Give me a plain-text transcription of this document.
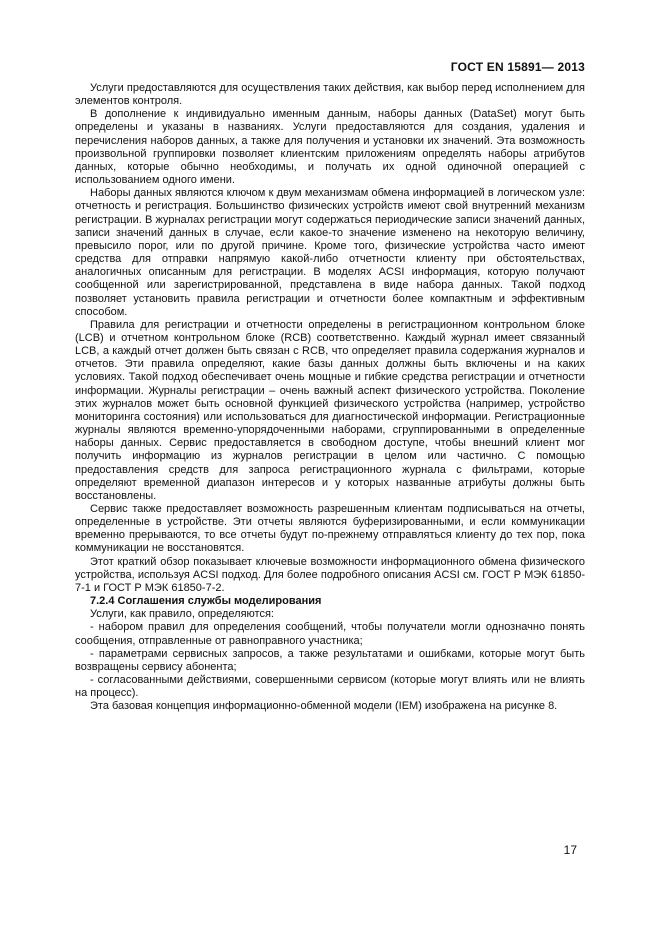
ГОСТ EN 15891— 2013

Услуги предоставляются для осуществления таких действия, как выбор перед исполнением для элементов контроля.

В дополнение к индивидуально именным данным, наборы данных (DataSet) могут быть определены и указаны в названиях. Услуги предоставляются для создания, удаления и перечисления наборов данных, а также для получения и установки их значений. Эта возможность произвольной группировки позволяет клиентским приложениям определять наборы атрибутов данных, которые обычно необходимы, и получать их одной одиночной операцией с использованием одного имени.

Наборы данных являются ключом к двум механизмам обмена информацией в логическом узле: отчетность и регистрация. Большинство физических устройств имеют свой внутренний механизм регистрации. В журналах регистрации могут содержаться периодические записи значений данных, записи значений данных в случае, если какое-то значение изменено на некоторую величину, превысило порог, или по другой причине. Кроме того, физические устройства часто имеют средства для отправки напрямую какой-либо отчетности клиенту при обстоятельствах, аналогичных описанным для регистрации. В моделях ACSI информация, которую получают сообщенной или зарегистрированной, представлена в виде набора данных. Такой подход позволяет установить правила регистрации и отчетности более компактным и эффективным способом.

Правила для регистрации и отчетности определены в регистрационном контрольном блоке (LCB) и отчетном контрольном блоке (RCB) соответственно. Каждый журнал имеет связанный LCB, а каждый отчет должен быть связан с RCB, что определяет правила содержания журналов и отчетов. Эти правила определяют, какие базы данных должны быть включены и на каких условиях. Такой подход обеспечивает очень мощные и гибкие средства регистрации и отчетности информации. Журналы регистрации – очень важный аспект физического устройства. Поколение этих журналов может быть основной функцией физического устройства (например, устройство мониторинга состояния) или использоваться для диагностической информации. Регистрационные журналы являются временно-упорядоченными наборами, сгруппированными в определенные наборы данных. Сервис предоставляется в свободном доступе, чтобы внешний клиент мог получить информацию из журналов регистрации в целом или частично. С помощью предоставления средств для запроса регистрационного журнала с фильтрами, которые определяют временной диапазон интересов и у которых названные атрибуты должны быть восстановлены.

Сервис также предоставляет возможность разрешенным клиентам подписываться на отчеты, определенные в устройстве. Эти отчеты являются буферизированными, и если коммуникации временно прерываются, то все отчеты будут по-прежнему отправляться клиенту до тех пор, пока коммуникации не восстановятся.

Этот краткий обзор показывает ключевые возможности информационного обмена физического устройства, используя ACSI подход. Для более подробного описания ACSI см. ГОСТ Р МЭК 61850-7-1 и ГОСТ Р МЭК 61850-7-2.

7.2.4 Соглашения службы моделирования

Услуги, как правило, определяются:

- набором правил для определения сообщений, чтобы получатели могли однозначно понять сообщения, отправленные от равноправного участника;

- параметрами сервисных запросов, а также результатами и ошибками, которые могут быть возвращены сервису абонента;

- согласованными действиями, совершенными сервисом (которые могут влиять или не влиять на процесс).

Эта базовая концепция информационно-обменной модели (IEM) изображена на рисунке 8.

17
